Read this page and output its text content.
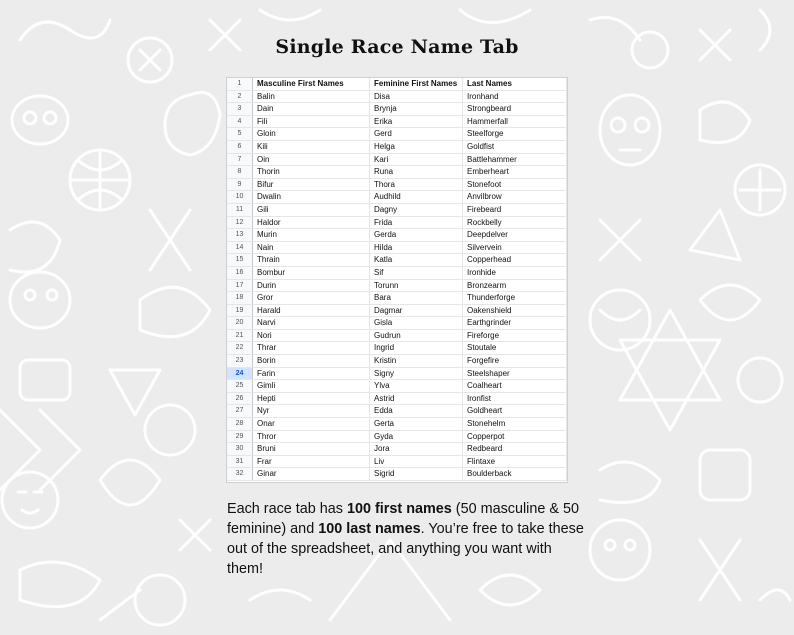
Single Race Name Tab
1	Masculine First Names	Feminine First Names	Last Names
2	Balin	Disa	Ironhand
3	Dain	Brynja	Strongbeard
4	Fili	Erika	Hammerfall
5	Gloin	Gerd	Steelforge
6	Kili	Helga	Goldfist
7	Oin	Kari	Battlehammer
8	Thorin	Runa	Emberheart
9	Bifur	Thora	Stonefoot
10	Dwalin	Audhild	Anvilbrow
11	Gili	Dagny	Firebeard
12	Haldor	Frida	Rockbelly
13	Murin	Gerda	Deepdelver
14	Nain	Hilda	Silvervein
15	Thrain	Katla	Copperhead
16	Bombur	Sif	Ironhide
17	Durin	Torunn	Bronzearm
18	Gror	Bara	Thunderforge
19	Harald	Dagmar	Oakenshield
20	Narvi	Gisla	Earthgrinder
21	Nori	Gudrun	Fireforge
22	Thrar	Ingrid	Stoutale
23	Borin	Kristin	Forgefire
24	Farin	Signy	Steelshaper
25	Gimli	Ylva	Coalheart
26	Hepti	Astrid	Ironfist
27	Nyr	Edda	Goldheart
28	Onar	Gerta	Stonehelm
29	Thror	Gyda	Copperpot
30	Bruni	Jora	Redbeard
31	Frar	Liv	Flintaxe
32	Ginar	Sigrid	Boulderback
Each race tab has 100 first names (50 masculine & 50 feminine) and 100 last names. You’re free to take these out of the spreadsheet, and anything you want with them!
